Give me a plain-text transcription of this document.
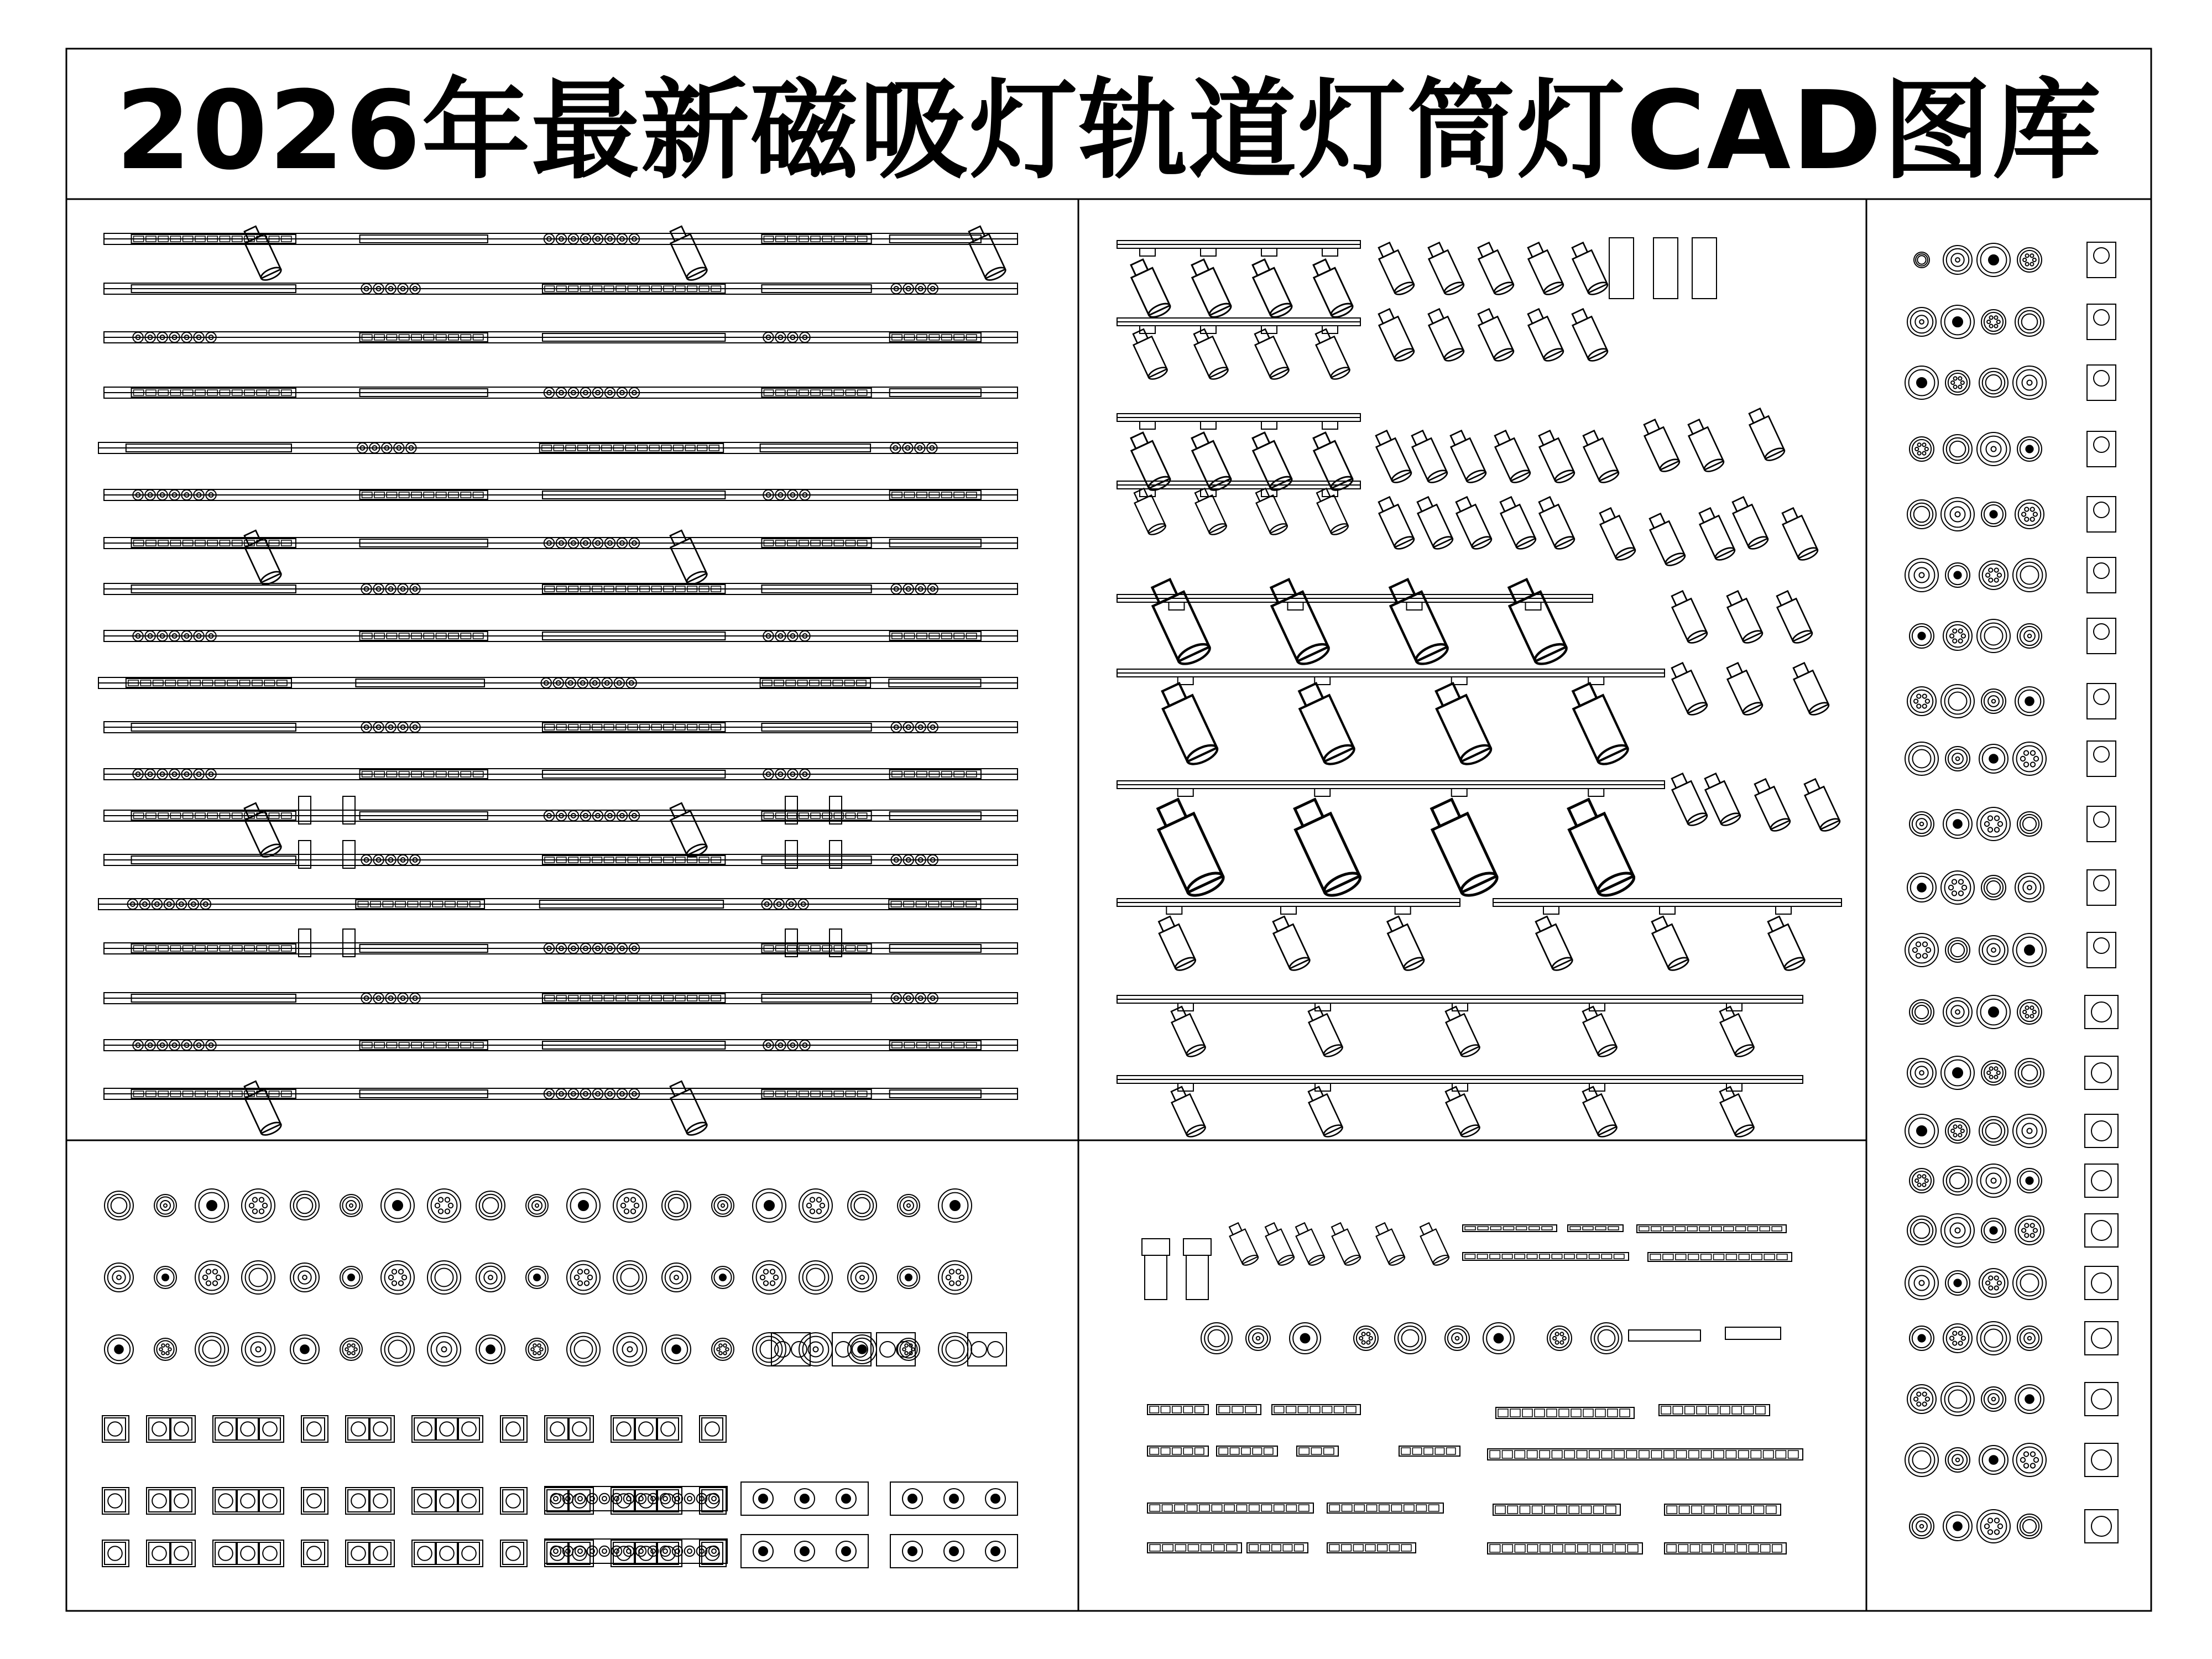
2026年最新磁吸灯轨道灯筒灯CAD图库
